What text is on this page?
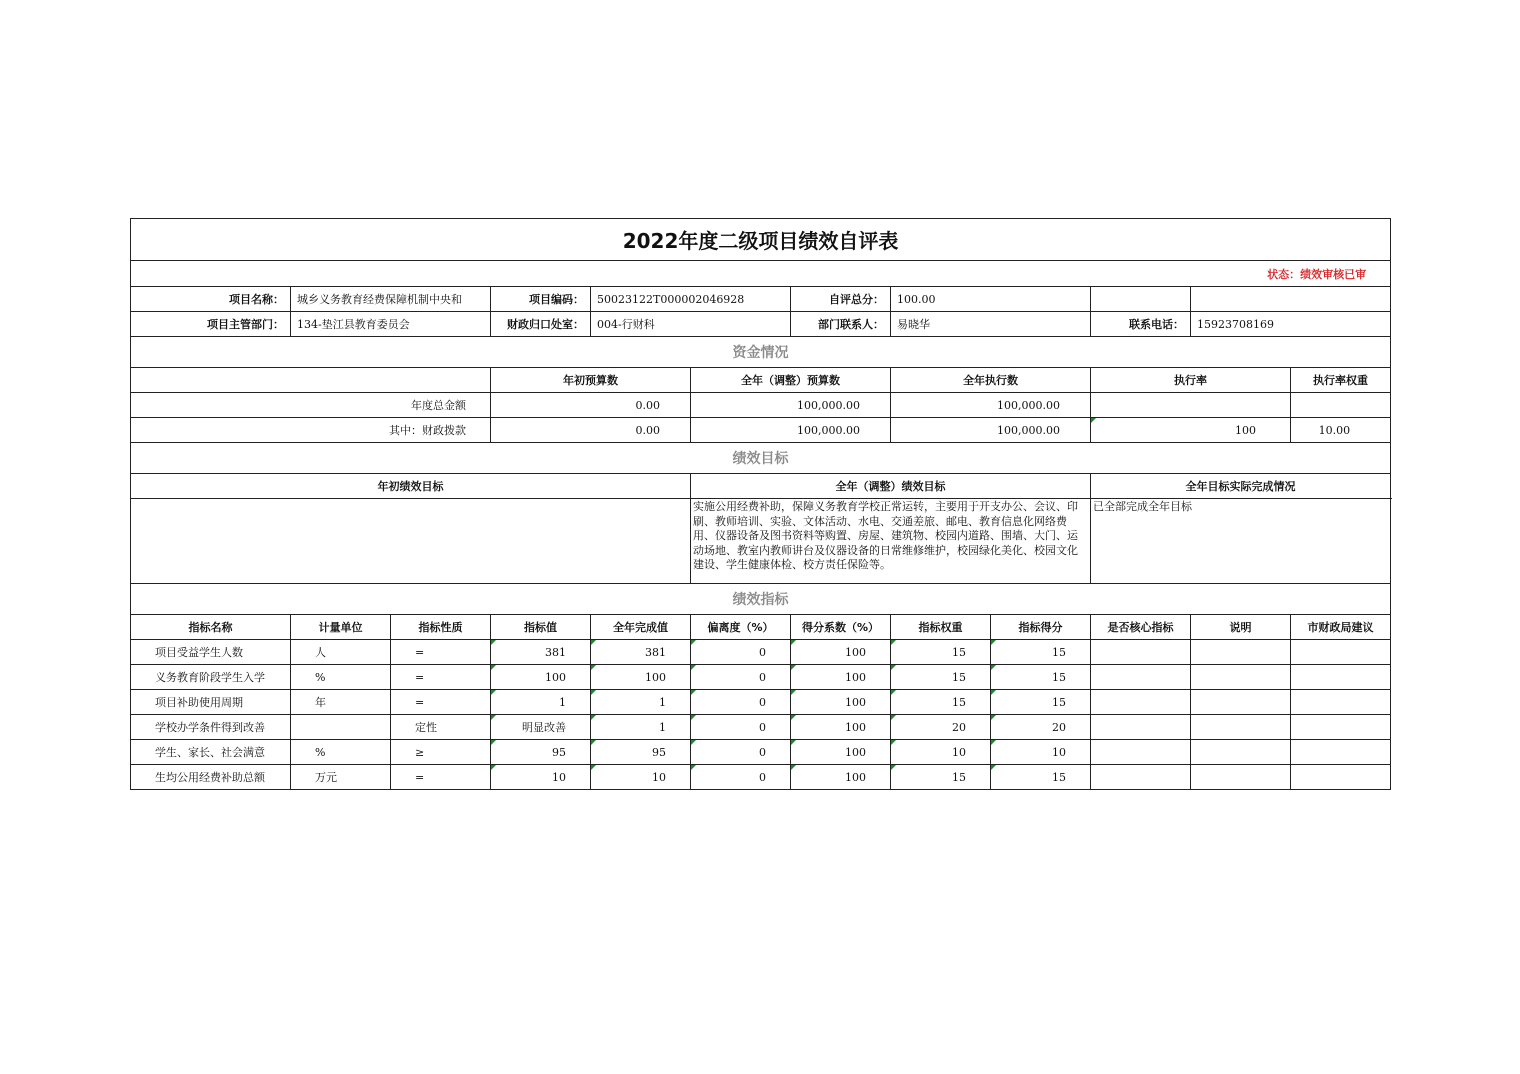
2022年度二级项目绩效自评表												
状态：绩效审核已审												
项目名称：	城乡义务教育经费保障机制中央和		项目编码：	50023122T000002046928		自评总分：	100.00					
项目主管部门：	134-垫江县教育委员会		财政归口处室：	004-行财科		部门联系人：	易晓华		联系电话：	15923708169		
资金情况												
			年初预算数		全年（调整）预算数		全年执行数		执行率		执行率权重	
年度总金额			0.00		100,000.00		100,000.00					
其中：财政拨款			0.00		100,000.00		100,000.00		100		10.00	
绩效目标												
年初绩效目标					全年（调整）绩效目标				全年目标实际完成情况			
					实施公用经费补助，保障义务教育学校正常运转，主要用于开支办公、会议、印刷、教师培训、实验、文体活动、水电、交通差旅、邮电、教育信息化网络费用、仪器设备及图书资料等购置、房屋、建筑物、校园内道路、围墙、大门、运动场地、教室内教师讲台及仪器设备的日常维修维护，校园绿化美化、校园文化建设、学生健康体检、校方责任保险等。				已全部完成全年目标			
绩效指标												
指标名称	计量单位	指标性质	指标值	全年完成值	偏离度（%）	得分系数（%）	指标权重	指标得分	是否核心指标	说明	市财政局建议	
项目受益学生人数	人	=	381	381	0	100	15	15				
义务教育阶段学生入学	%	=	100	100	0	100	15	15				
项目补助使用周期	年	=	1	1	0	100	15	15				
学校办学条件得到改善		定性	明显改善	1	0	100	20	20				
学生、家长、社会满意	%	≥	95	95	0	100	10	10				
生均公用经费补助总额	万元	=	10	10	0	100	15	15				
